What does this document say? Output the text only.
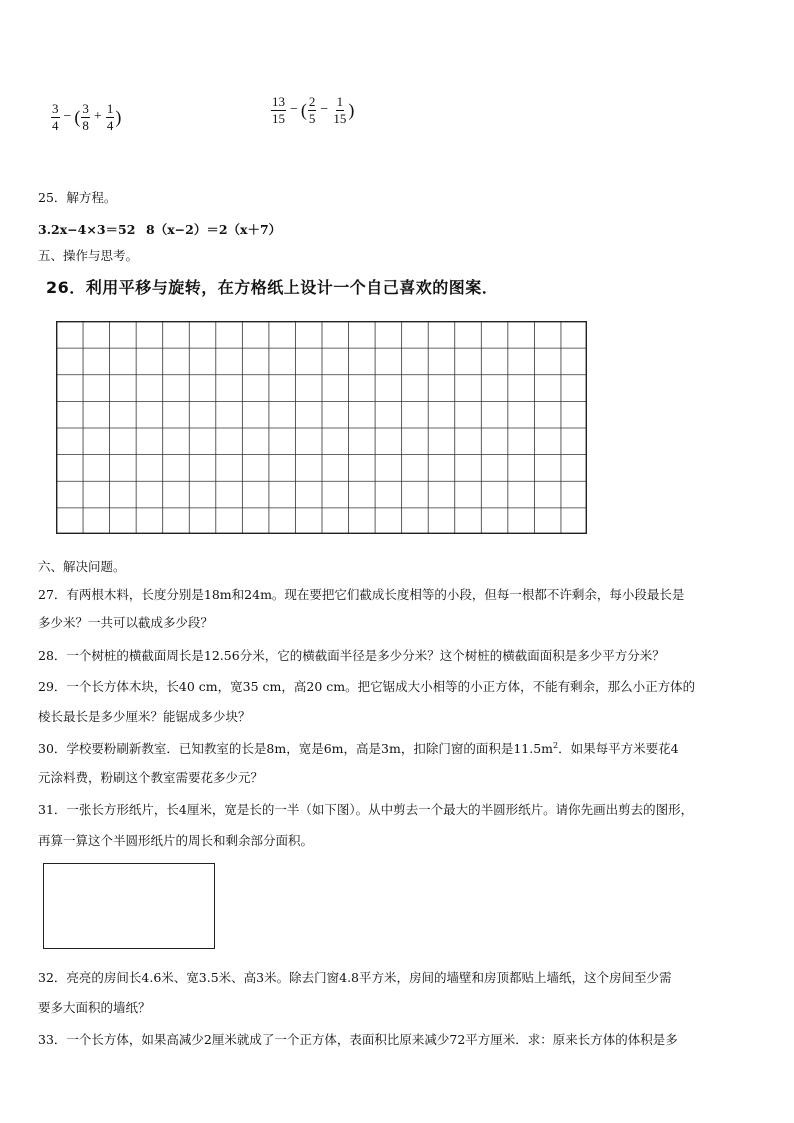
$\frac{3}{4}$ − ( $\frac{3}{8} + \frac{1}{4}$ )	$\frac{13}{15}$ − ( $\frac{2}{5} - \frac{1}{15}$ )
25．解方程。
3.2x−4×3＝52 8（x−2）＝2（x＋7）
五、操作与思考。
26．利用平移与旋转，在方格纸上设计一个自己喜欢的图案．
六、解决问题。
27．有两根木料，长度分别是18m和24m。现在要把它们截成长度相等的小段，但每一根都不许剩余，每小段最长是
多少米？一共可以截成多少段？
28．一个树桩的横截面周长是12.56分米，它的横截面半径是多少分米？这个树桩的横截面面积是多少平方分米？
29．一个长方体木块，长40 cm，宽35 cm，高20 cm。把它锯成大小相等的小正方体，不能有剩余，那么小正方体的
棱长最长是多少厘米？能锯成多少块？
30．学校要粉刷新教室．已知教室的长是8m，宽是6m，高是3m，扣除门窗的面积是$11.5m^2$．如果每平方米要花4
元涂料费，粉刷这个教室需要花多少元？
31．一张长方形纸片，长4厘米，宽是长的一半（如下图）。从中剪去一个最大的半圆形纸片。请你先画出剪去的图形，
再算一算这个半圆形纸片的周长和剩余部分面积。
32．亮亮的房间长4.6米、宽3.5米、高3米。除去门窗4.8平方米，房间的墙壁和房顶都贴上墙纸，这个房间至少需
要多大面积的墙纸？
33．一个长方体，如果高减少2厘米就成了一个正方体，表面积比原来减少72平方厘米．求：原来长方体的体积是多
